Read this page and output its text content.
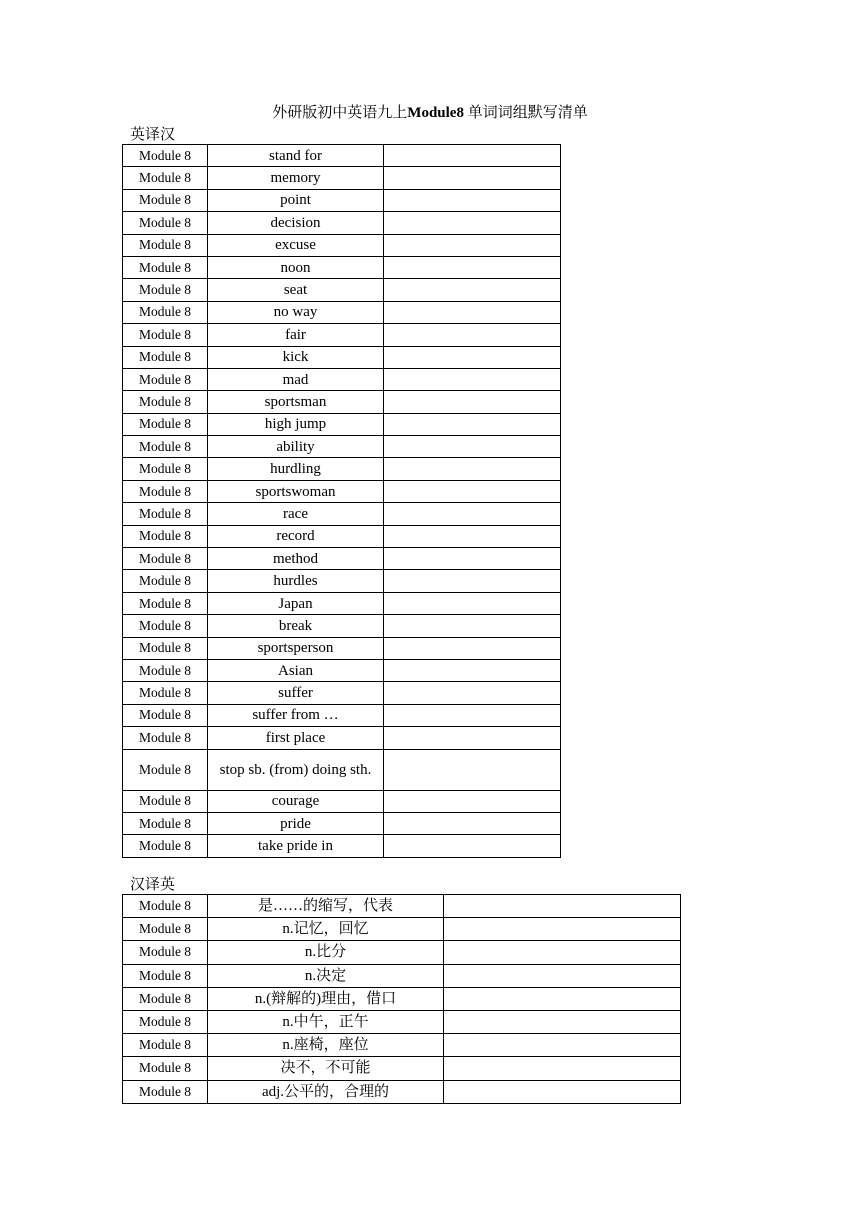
外研版初中英语九上Module8 单词词组默写清单
英译汉
Module 8	stand for	
Module 8	memory	
Module 8	point	
Module 8	decision	
Module 8	excuse	
Module 8	noon	
Module 8	seat	
Module 8	no way	
Module 8	fair	
Module 8	kick	
Module 8	mad	
Module 8	sportsman	
Module 8	high jump	
Module 8	ability	
Module 8	hurdling	
Module 8	sportswoman	
Module 8	race	
Module 8	record	
Module 8	method	
Module 8	hurdles	
Module 8	Japan	
Module 8	break	
Module 8	sportsperson	
Module 8	Asian	
Module 8	suffer	
Module 8	suffer from …	
Module 8	first place	
Module 8	stop sb. (from) doing sth.	
Module 8	courage	
Module 8	pride	
Module 8	take pride in	
汉译英
Module 8	是……的缩写，代表	
Module 8	n.记忆，回忆	
Module 8	n.比分	
Module 8	n.决定	
Module 8	n.(辩解的)理由，借口	
Module 8	n.中午，正午	
Module 8	n.座椅，座位	
Module 8	决不，不可能	
Module 8	adj.公平的，合理的	
